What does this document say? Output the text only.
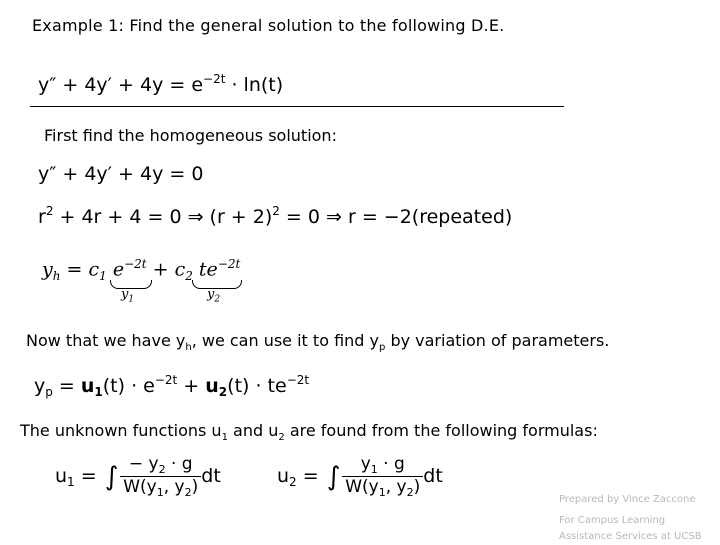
Example 1: Find the general solution to the following D.E.
$y'' + 4y' + 4y = e^{-2t} \cdot \ln(t)$
First find the homogeneous solution:
y″ + 4y′ + 4y = 0
$r^2 + 4r + 4 = 0$ ⇒ $(r + 2)^2 = 0$ ⇒ r = −2(repeated)
$y_h = c_1$ $e^{-2t} + c_2$ $te^{-2t}$
$y_1$	$y_2$
Now that we have $y_h$, we can use it to find $y_p$ by variation of parameters.
$y_p = u_1(t) \cdot e^{-2t} + u_2(t) \cdot te^{-2t}$
The unknown functions $u_1$ and $u_2$ are found from the following formulas:
$u_1$ = ∫ $\frac{- y_2 \cdot g}{W(y_1, y_2)}$ dt	$u_2$ = ∫ $\frac{y_1 \cdot g}{W(y_1, y_2)}$ dt
Prepared by Vince Zaccone
For Campus Learning
Assistance Services at UCSB
